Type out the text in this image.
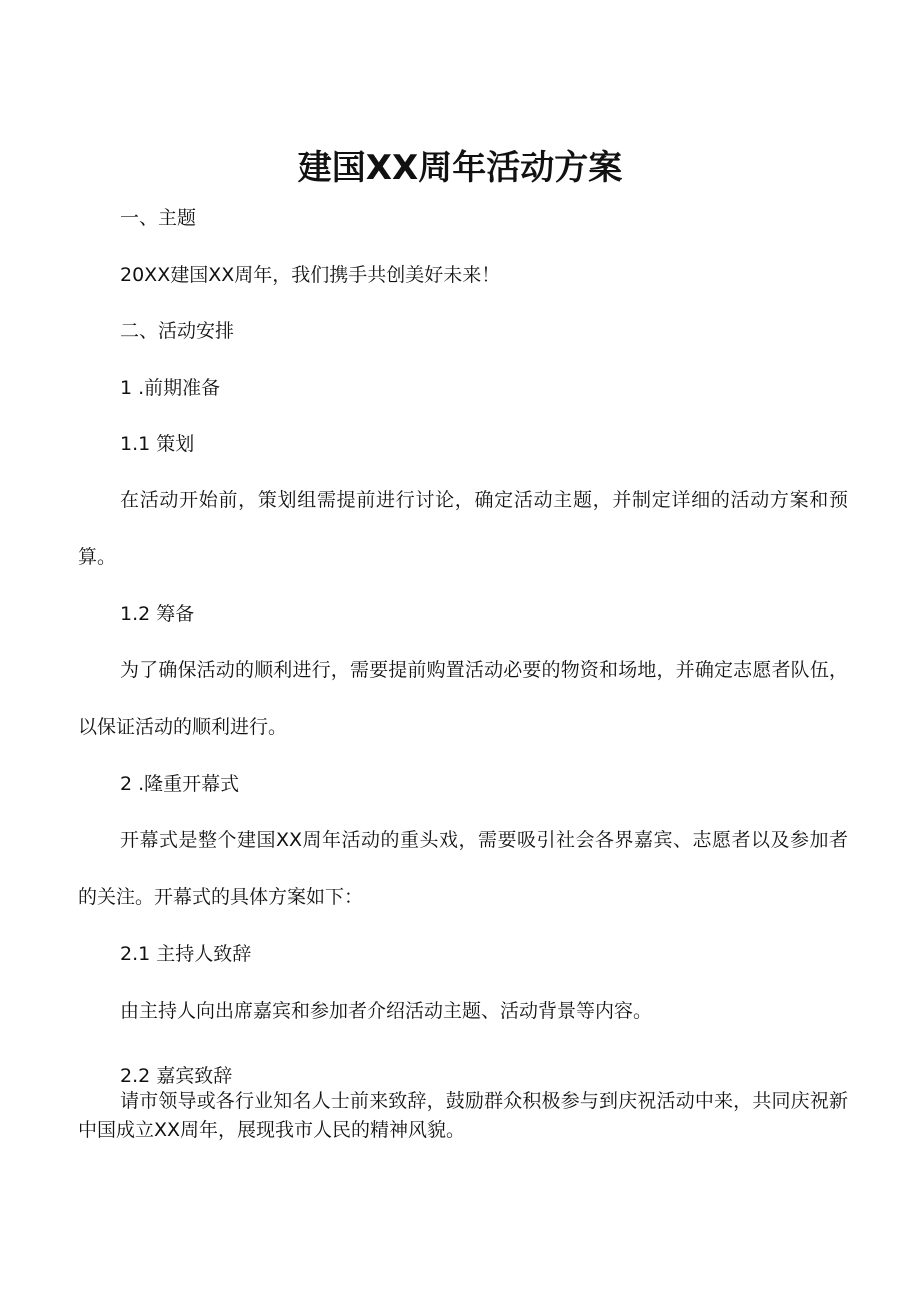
建国XX周年活动方案
一、主题
20XX建国XX周年，我们携手共创美好未来！
二、活动安排
1 .前期准备
1.1 策划

在活动开始前，策划组需提前进行讨论，确定活动主题，并制定详细的活动方案和预算。

1.2 筹备

为了确保活动的顺利进行，需要提前购置活动必要的物资和场地，并确定志愿者队伍，以保证活动的顺利进行。

2 .隆重开幕式

开幕式是整个建国XX周年活动的重头戏，需要吸引社会各界嘉宾、志愿者以及参加者的关注。开幕式的具体方案如下：

2.1 主持人致辞
由主持人向出席嘉宾和参加者介绍活动主题、活动背景等内容。
2.2 嘉宾致辞

请市领导或各行业知名人士前来致辞，鼓励群众积极参与到庆祝活动中来，共同庆祝新中国成立XX周年，展现我市人民的精神风貌。
